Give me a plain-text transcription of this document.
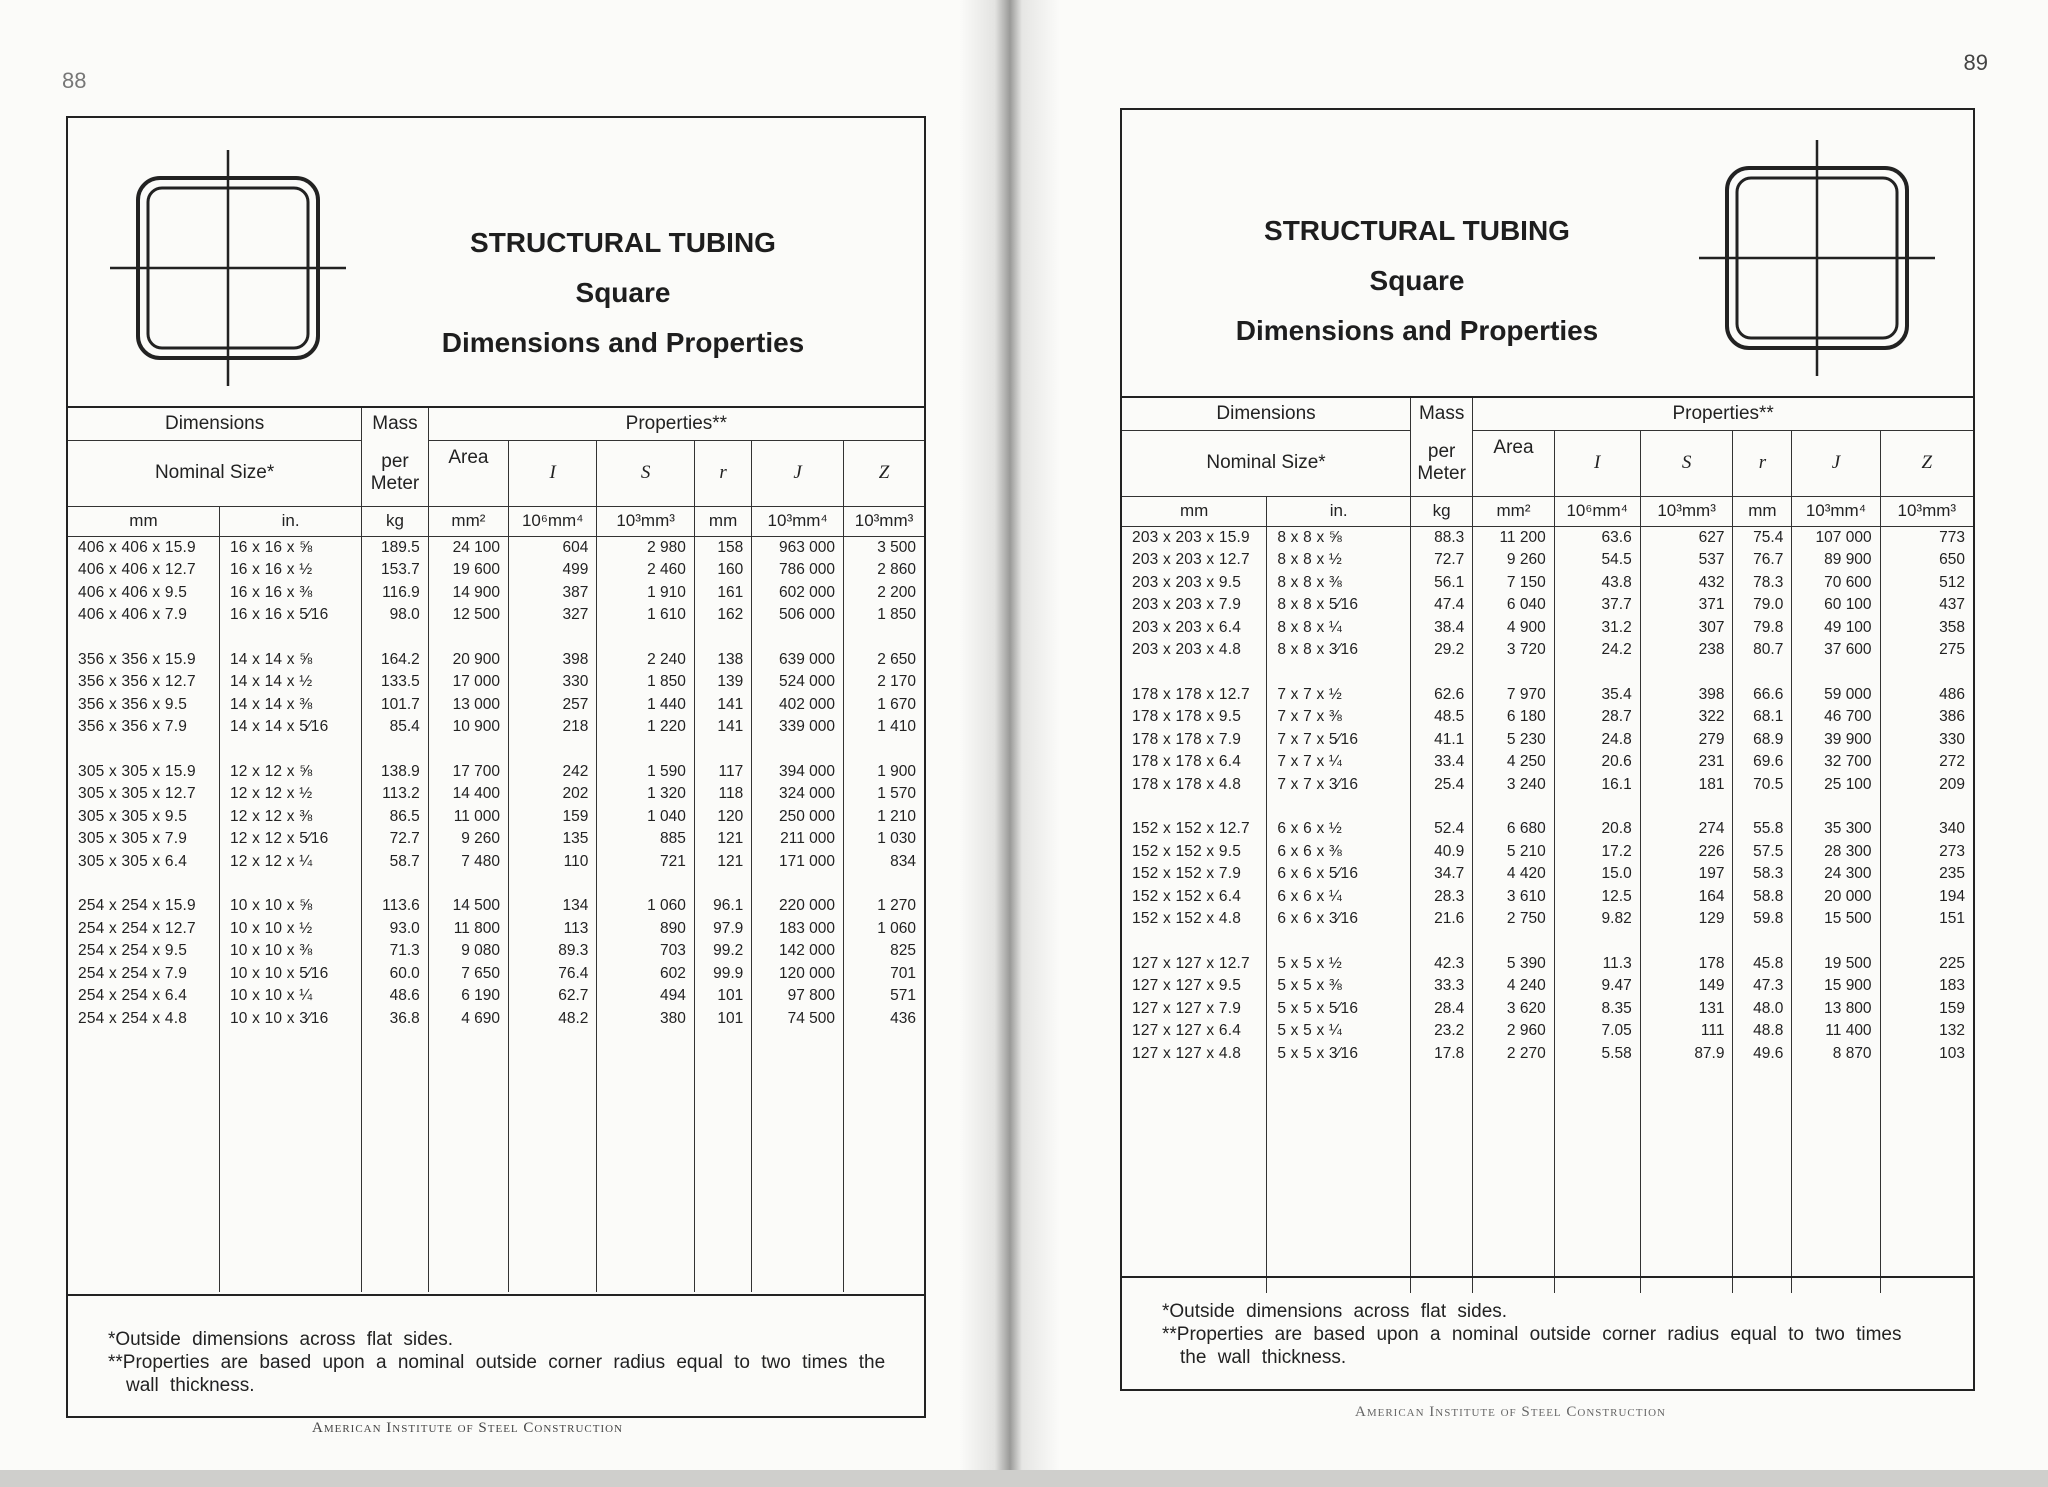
88
STRUCTURAL TUBING
Square
Dimensions and Properties
Dimensions		Mass	Properties**					
Nominal Size*		per
Meter	Area	I	S	r	J	Z
mm	in.	kg	mm²	10⁶mm⁴	10³mm³	mm	10³mm⁴	10³mm³
406 x 406 x 15.9	16 x 16 x ⅝	189.5	24 100	604	2 980	158	963 000	3 500
406 x 406 x 12.7	16 x 16 x ½	153.7	19 600	499	2 460	160	786 000	2 860
406 x 406 x 9.5	16 x 16 x ⅜	116.9	14 900	387	1 910	161	602 000	2 200
406 x 406 x 7.9	16 x 16 x 5⁄16	98.0	12 500	327	1 610	162	506 000	1 850

356 x 356 x 15.9	14 x 14 x ⅝	164.2	20 900	398	2 240	138	639 000	2 650
356 x 356 x 12.7	14 x 14 x ½	133.5	17 000	330	1 850	139	524 000	2 170
356 x 356 x 9.5	14 x 14 x ⅜	101.7	13 000	257	1 440	141	402 000	1 670
356 x 356 x 7.9	14 x 14 x 5⁄16	85.4	10 900	218	1 220	141	339 000	1 410

305 x 305 x 15.9	12 x 12 x ⅝	138.9	17 700	242	1 590	117	394 000	1 900
305 x 305 x 12.7	12 x 12 x ½	113.2	14 400	202	1 320	118	324 000	1 570
305 x 305 x 9.5	12 x 12 x ⅜	86.5	11 000	159	1 040	120	250 000	1 210
305 x 305 x 7.9	12 x 12 x 5⁄16	72.7	9 260	135	885	121	211 000	1 030
305 x 305 x 6.4	12 x 12 x ¼	58.7	7 480	110	721	121	171 000	834

254 x 254 x 15.9	10 x 10 x ⅝	113.6	14 500	134	1 060	96.1	220 000	1 270
254 x 254 x 12.7	10 x 10 x ½	93.0	11 800	113	890	97.9	183 000	1 060
254 x 254 x 9.5	10 x 10 x ⅜	71.3	9 080	89.3	703	99.2	142 000	825
254 x 254 x 7.9	10 x 10 x 5⁄16	60.0	7 650	76.4	602	99.9	120 000	701
254 x 254 x 6.4	10 x 10 x ¼	48.6	6 190	62.7	494	101	97 800	571
254 x 254 x 4.8	10 x 10 x 3⁄16	36.8	4 690	48.2	380	101	74 500	436

*Outside dimensions across flat sides.
**Properties are based upon a nominal outside corner radius equal to two times the
wall thickness.
American Institute of Steel Construction
89
STRUCTURAL TUBING
Square
Dimensions and Properties
Dimensions		Mass	Properties**					
Nominal Size*		per
Meter	Area	I	S	r	J	Z
mm	in.	kg	mm²	10⁶mm⁴	10³mm³	mm	10³mm⁴	10³mm³
203 x 203 x 15.9	8 x 8 x ⅝	88.3	11 200	63.6	627	75.4	107 000	773
203 x 203 x 12.7	8 x 8 x ½	72.7	9 260	54.5	537	76.7	89 900	650
203 x 203 x 9.5	8 x 8 x ⅜	56.1	7 150	43.8	432	78.3	70 600	512
203 x 203 x 7.9	8 x 8 x 5⁄16	47.4	6 040	37.7	371	79.0	60 100	437
203 x 203 x 6.4	8 x 8 x ¼	38.4	4 900	31.2	307	79.8	49 100	358
203 x 203 x 4.8	8 x 8 x 3⁄16	29.2	3 720	24.2	238	80.7	37 600	275

178 x 178 x 12.7	7 x 7 x ½	62.6	7 970	35.4	398	66.6	59 000	486
178 x 178 x 9.5	7 x 7 x ⅜	48.5	6 180	28.7	322	68.1	46 700	386
178 x 178 x 7.9	7 x 7 x 5⁄16	41.1	5 230	24.8	279	68.9	39 900	330
178 x 178 x 6.4	7 x 7 x ¼	33.4	4 250	20.6	231	69.6	32 700	272
178 x 178 x 4.8	7 x 7 x 3⁄16	25.4	3 240	16.1	181	70.5	25 100	209

152 x 152 x 12.7	6 x 6 x ½	52.4	6 680	20.8	274	55.8	35 300	340
152 x 152 x 9.5	6 x 6 x ⅜	40.9	5 210	17.2	226	57.5	28 300	273
152 x 152 x 7.9	6 x 6 x 5⁄16	34.7	4 420	15.0	197	58.3	24 300	235
152 x 152 x 6.4	6 x 6 x ¼	28.3	3 610	12.5	164	58.8	20 000	194
152 x 152 x 4.8	6 x 6 x 3⁄16	21.6	2 750	9.82	129	59.8	15 500	151

127 x 127 x 12.7	5 x 5 x ½	42.3	5 390	11.3	178	45.8	19 500	225
127 x 127 x 9.5	5 x 5 x ⅜	33.3	4 240	9.47	149	47.3	15 900	183
127 x 127 x 7.9	5 x 5 x 5⁄16	28.4	3 620	8.35	131	48.0	13 800	159
127 x 127 x 6.4	5 x 5 x ¼	23.2	2 960	7.05	111	48.8	11 400	132
127 x 127 x 4.8	5 x 5 x 3⁄16	17.8	2 270	5.58	87.9	49.6	8 870	103

*Outside dimensions across flat sides.
**Properties are based upon a nominal outside corner radius equal to two times
the wall thickness.
American Institute of Steel Construction
